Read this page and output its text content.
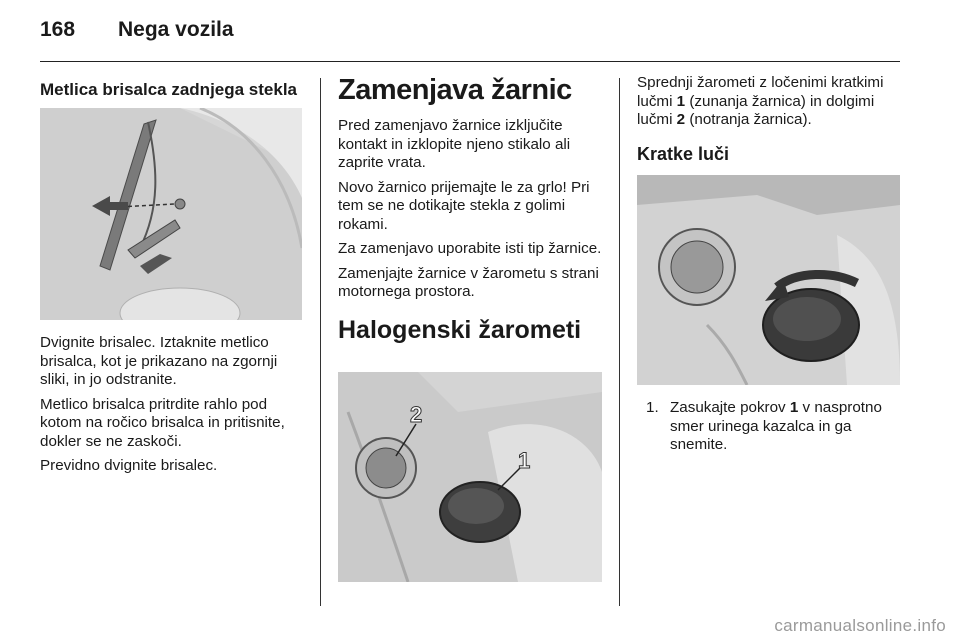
168 Nega vozila

Metlica brisalca zadnjega stekla

Dvignite brisalec. Iztaknite metlico brisalca, kot je prikazano na zgornji sliki, in jo odstranite.

Metlico brisalca pritrdite rahlo pod kotom na ročico brisalca in pritisnite, dokler se ne zaskoči.

Previdno dvignite brisalec.

Zamenjava žarnic

Pred zamenjavo žarnice izključite kontakt in izklopite njeno stikalo ali zaprite vrata.

Novo žarnico prijemajte le za grlo! Pri tem se ne dotikajte stekla z golimi rokami.

Za zamenjavo uporabite isti tip žarnice.

Zamenjajte žarnice v žarometu s strani motornega prostora.

Halogenski žarometi

2
1

Sprednji žarometi z ločenimi kratkimi lučmi 1 (zunanja žarnica) in dolgimi lučmi 2 (notranja žarnica).

Kratke luči

1. Zasukajte pokrov 1 v nasprotno smer urinega kazalca in ga snemite.
carmanualsonline.info
